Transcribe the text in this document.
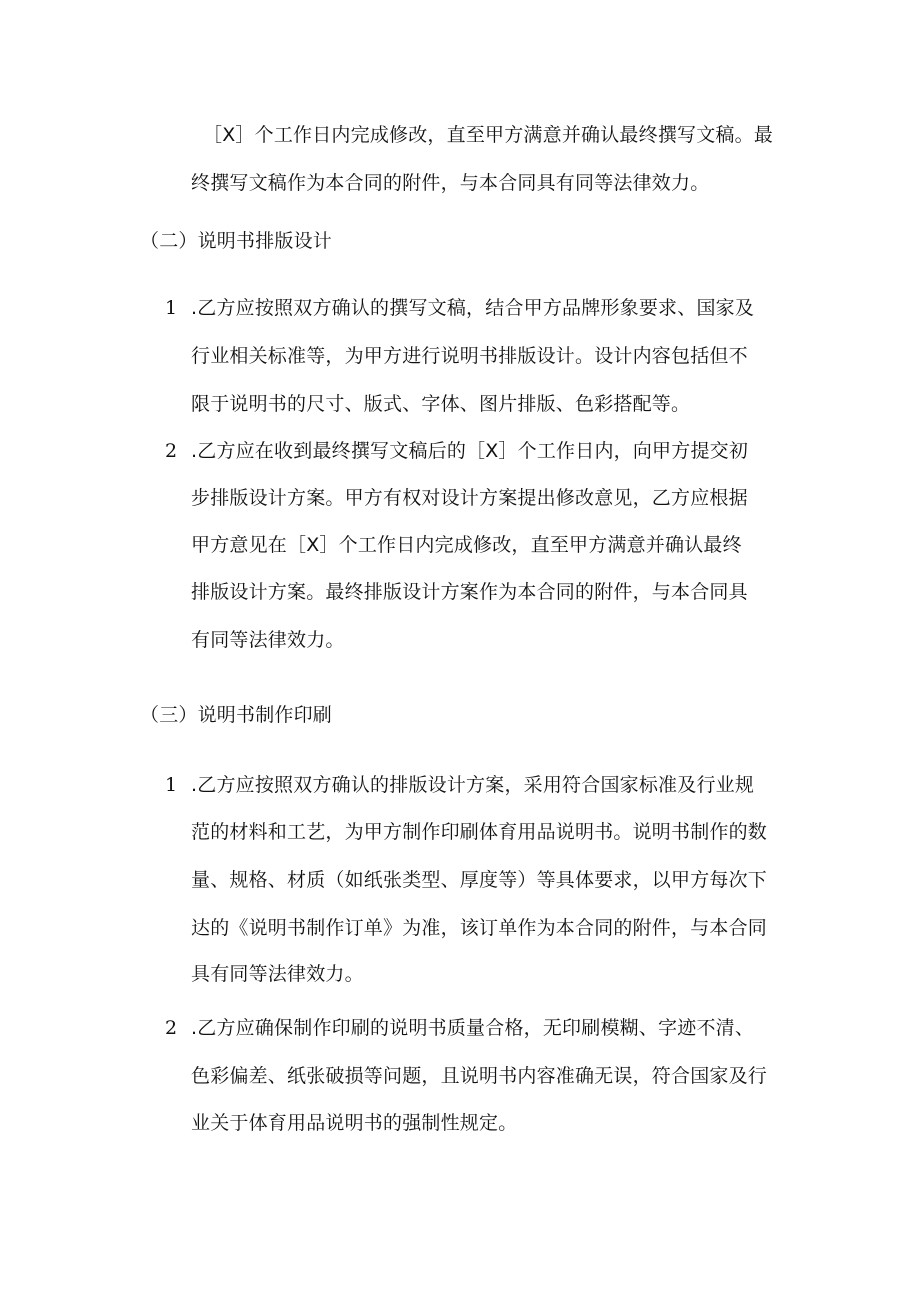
［X］个工作日内完成修改，直至甲方满意并确认最终撰写文稿。最
终撰写文稿作为本合同的附件，与本合同具有同等法律效力。
（二）说明书排版设计
1 .乙方应按照双方确认的撰写文稿，结合甲方品牌形象要求、国家及
行业相关标准等，为甲方进行说明书排版设计。设计内容包括但不
限于说明书的尺寸、版式、字体、图片排版、色彩搭配等。
2 .乙方应在收到最终撰写文稿后的［X］个工作日内，向甲方提交初
步排版设计方案。甲方有权对设计方案提出修改意见，乙方应根据
甲方意见在［X］个工作日内完成修改，直至甲方满意并确认最终
排版设计方案。最终排版设计方案作为本合同的附件，与本合同具
有同等法律效力。
（三）说明书制作印刷
1 .乙方应按照双方确认的排版设计方案，采用符合国家标准及行业规
范的材料和工艺，为甲方制作印刷体育用品说明书。说明书制作的数
量、规格、材质（如纸张类型、厚度等）等具体要求，以甲方每次下
达的《说明书制作订单》为准，该订单作为本合同的附件，与本合同
具有同等法律效力。
2 .乙方应确保制作印刷的说明书质量合格，无印刷模糊、字迹不清、
色彩偏差、纸张破损等问题，且说明书内容准确无误，符合国家及行
业关于体育用品说明书的强制性规定。
